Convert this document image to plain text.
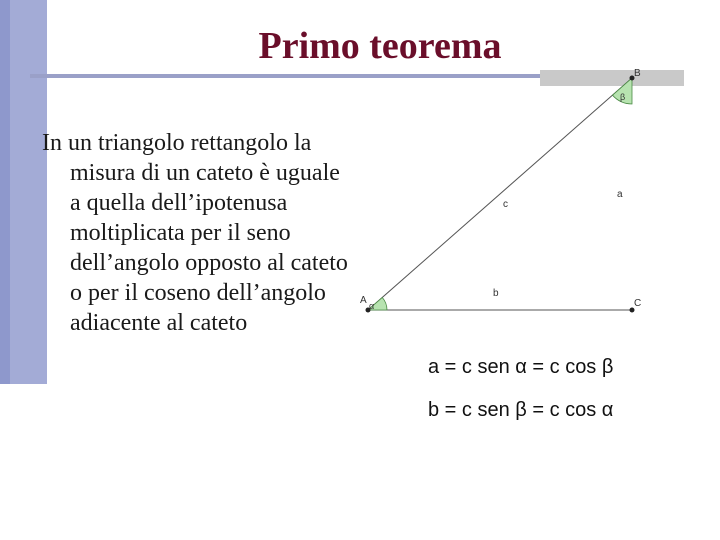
Primo teorema

In un triangolo rettangolo la misura di un cateto è uguale a quella dell’ipotenusa moltiplicata per il seno dell’angolo opposto al cateto o per il coseno dell’angolo adiacente al cateto

A
B
C
a
b
c
α
β
a = c sen α = c cos β
b = c sen β = c cos α
